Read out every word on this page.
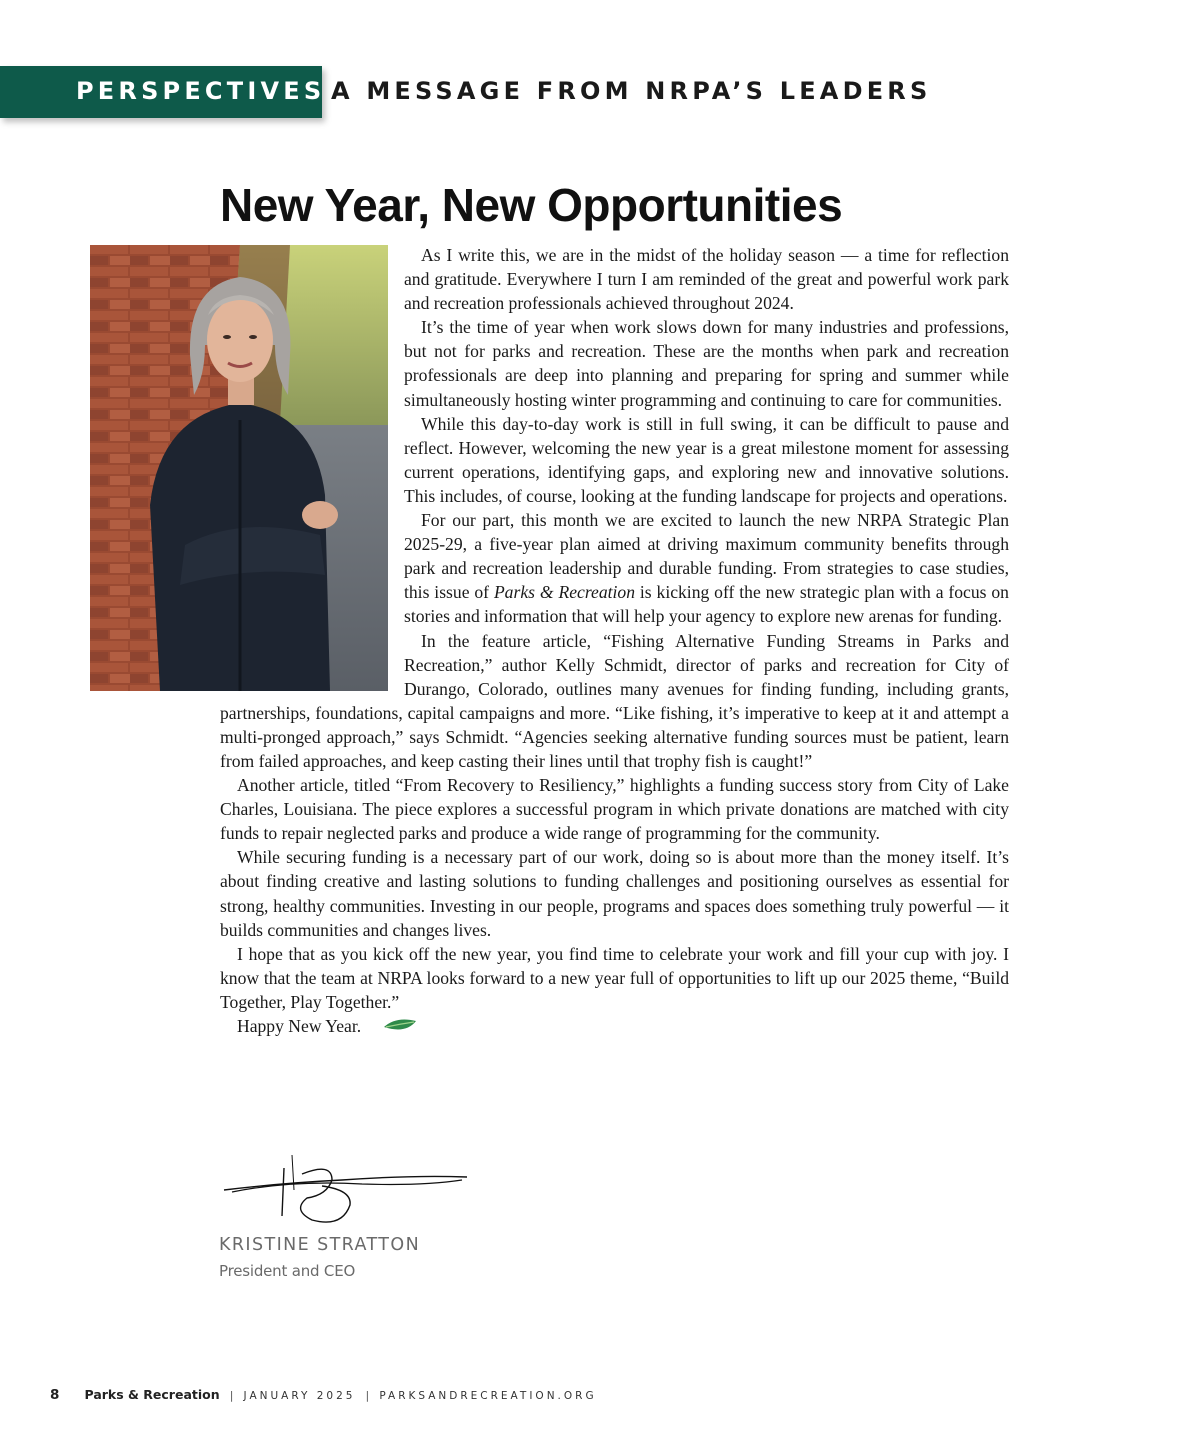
PERSPECTIVES A MESSAGE FROM NRPA’S LEADERS
New Year, New Opportunities

As I write this, we are in the midst of the holiday season — a time for reflection and gratitude. Everywhere I turn I am reminded of the great and powerful work park and recreation professionals achieved throughout 2024.

It’s the time of year when work slows down for many industries and professions, but not for parks and recreation. These are the months when park and recreation professionals are deep into planning and preparing for spring and summer while simultaneously hosting winter programming and continuing to care for communities.

While this day-to-day work is still in full swing, it can be difficult to pause and reflect. However, welcoming the new year is a great milestone moment for assessing current operations, identifying gaps, and exploring new and innovative solutions. This includes, of course, looking at the funding landscape for projects and operations.

For our part, this month we are excited to launch the new NRPA Strategic Plan 2025-29, a five-year plan aimed at driving maximum community benefits through park and recreation leadership and durable funding. From strategies to case studies, this issue of Parks & Recreation is kicking off the new strategic plan with a focus on stories and information that will help your agency to explore new arenas for funding.

In the feature article, “Fishing Alternative Funding Streams in Parks and Recreation,” author Kelly Schmidt, director of parks and recreation for City of Durango, Colorado, outlines many avenues for finding funding, including grants, partnerships, foundations, capital campaigns and more. “Like fishing, it’s imperative to keep at it and attempt a multi-pronged approach,” says Schmidt. “Agencies seeking alternative funding sources must be patient, learn from failed approaches, and keep casting their lines until that trophy fish is caught!”

Another article, titled “From Recovery to Resiliency,” highlights a funding success story from City of Lake Charles, Louisiana. The piece explores a successful program in which private donations are matched with city funds to repair neglected parks and produce a wide range of programming for the community.

While securing funding is a necessary part of our work, doing so is about more than the money itself. It’s about finding creative and lasting solutions to funding challenges and positioning ourselves as essential for strong, healthy communities. Investing in our people, programs and spaces does something truly powerful — it builds communities and changes lives.

I hope that as you kick off the new year, you find time to celebrate your work and fill your cup with joy. I know that the team at NRPA looks forward to a new year full of opportunities to lift up our 2025 theme, “Build Together, Play Together.”

Happy New Year.

KRISTINE STRATTON
President and CEO
8 Parks & Recreation | JANUARY 2025 | PARKSANDRECREATION.ORG
